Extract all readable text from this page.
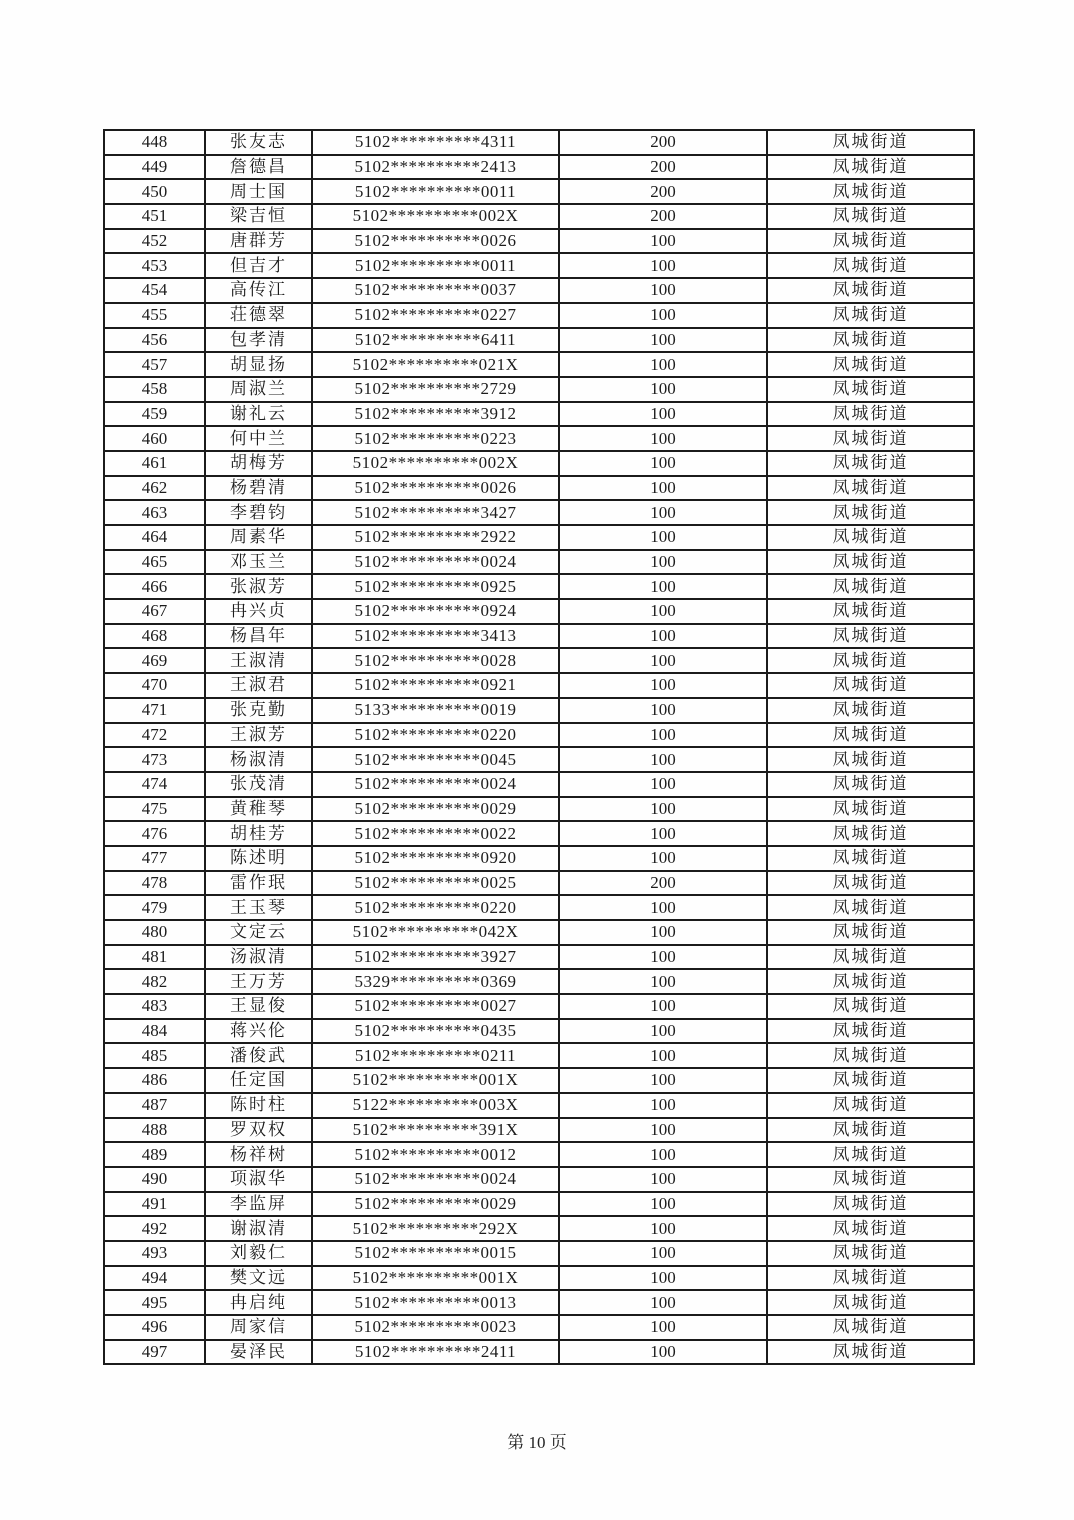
448	张友志	5102**********4311	200	凤城街道
449	詹德昌	5102**********2413	200	凤城街道
450	周士国	5102**********0011	200	凤城街道
451	梁吉恒	5102**********002X	200	凤城街道
452	唐群芳	5102**********0026	100	凤城街道
453	但吉才	5102**********0011	100	凤城街道
454	高传江	5102**********0037	100	凤城街道
455	荘德翠	5102**********0227	100	凤城街道
456	包孝清	5102**********6411	100	凤城街道
457	胡显扬	5102**********021X	100	凤城街道
458	周淑兰	5102**********2729	100	凤城街道
459	谢礼云	5102**********3912	100	凤城街道
460	何中兰	5102**********0223	100	凤城街道
461	胡梅芳	5102**********002X	100	凤城街道
462	杨碧清	5102**********0026	100	凤城街道
463	李碧钧	5102**********3427	100	凤城街道
464	周素华	5102**********2922	100	凤城街道
465	邓玉兰	5102**********0024	100	凤城街道
466	张淑芳	5102**********0925	100	凤城街道
467	冉兴贞	5102**********0924	100	凤城街道
468	杨昌年	5102**********3413	100	凤城街道
469	王淑清	5102**********0028	100	凤城街道
470	王淑君	5102**********0921	100	凤城街道
471	张克勤	5133**********0019	100	凤城街道
472	王淑芳	5102**********0220	100	凤城街道
473	杨淑清	5102**********0045	100	凤城街道
474	张茂清	5102**********0024	100	凤城街道
475	黄稚琴	5102**********0029	100	凤城街道
476	胡桂芳	5102**********0022	100	凤城街道
477	陈述明	5102**********0920	100	凤城街道
478	雷作珉	5102**********0025	200	凤城街道
479	王玉琴	5102**********0220	100	凤城街道
480	文定云	5102**********042X	100	凤城街道
481	汤淑清	5102**********3927	100	凤城街道
482	王万芳	5329**********0369	100	凤城街道
483	王显俊	5102**********0027	100	凤城街道
484	蒋兴伦	5102**********0435	100	凤城街道
485	潘俊武	5102**********0211	100	凤城街道
486	任定国	5102**********001X	100	凤城街道
487	陈时柱	5122**********003X	100	凤城街道
488	罗双权	5102**********391X	100	凤城街道
489	杨祥树	5102**********0012	100	凤城街道
490	项淑华	5102**********0024	100	凤城街道
491	李监屏	5102**********0029	100	凤城街道
492	谢淑清	5102**********292X	100	凤城街道
493	刘毅仁	5102**********0015	100	凤城街道
494	樊文远	5102**********001X	100	凤城街道
495	冉启纯	5102**********0013	100	凤城街道
496	周家信	5102**********0023	100	凤城街道
497	晏泽民	5102**********2411	100	凤城街道
第 10 页
